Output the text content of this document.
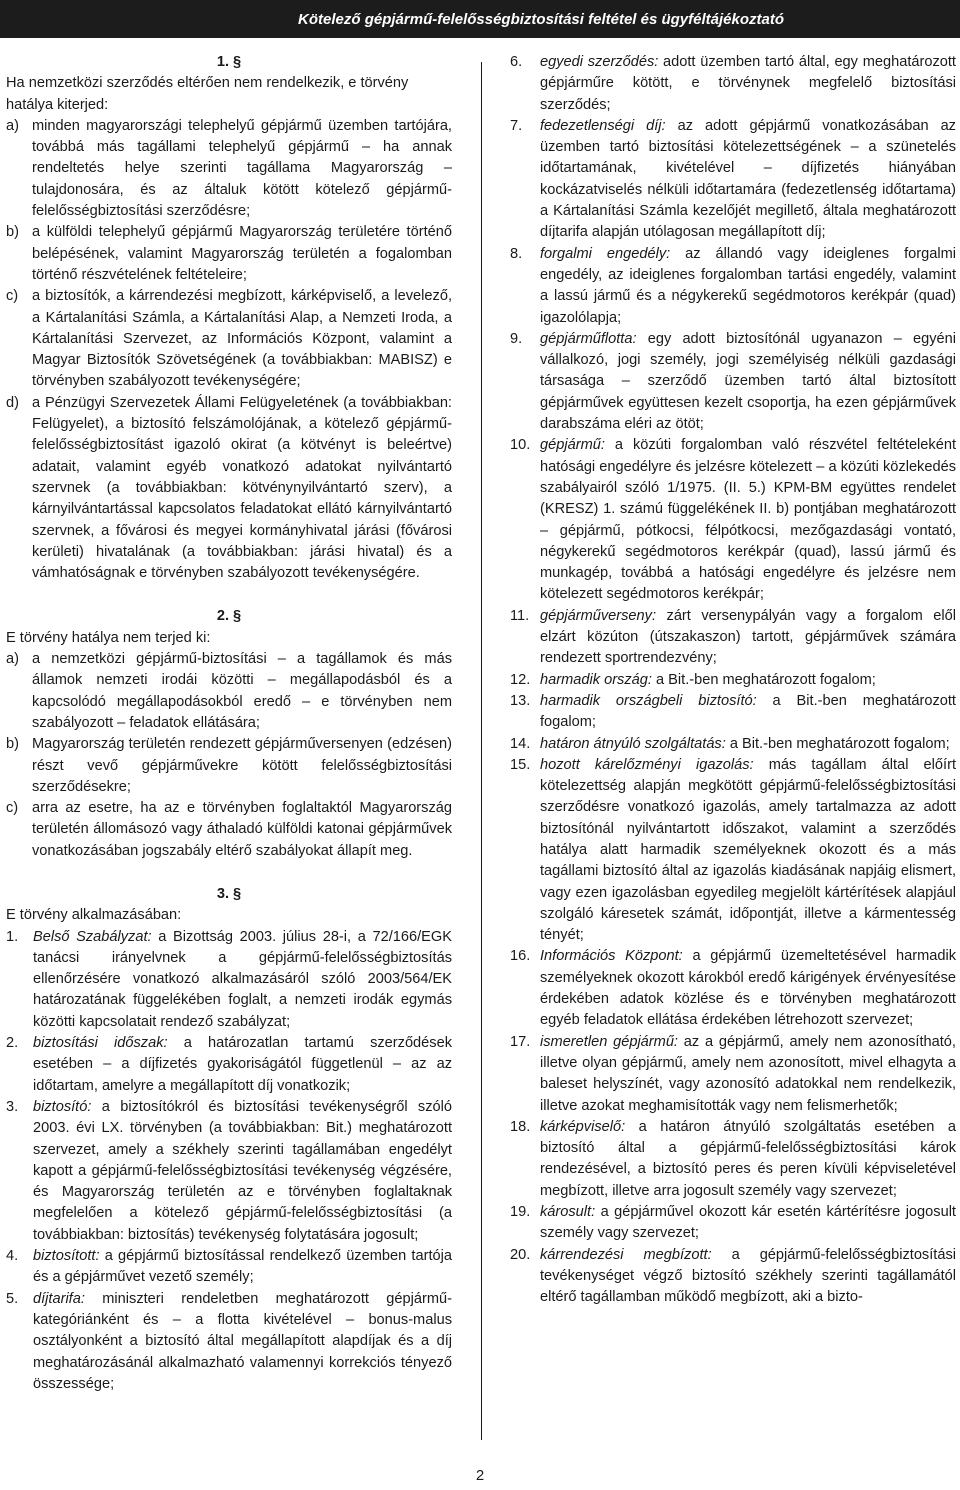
Kötelező gépjármű-felelősségbiztosítási feltétel és ügyféltájékoztató

1. §

Ha nemzetközi szerződés eltérően nem rendelkezik, e törvény hatálya kiterjed:

a) minden magyarországi telephelyű gépjármű üzemben tartójára, továbbá más tagállami telephelyű gépjármű – ha annak rendeltetés helye szerinti tagállama Magyarország – tulajdonosára, és az általuk kötött kötelező gépjármű-felelősségbiztosítási szerződésre;
b) a külföldi telephelyű gépjármű Magyarország területére történő belépésének, valamint Magyarország területén a fogalomban történő részvételének feltételeire;
c) a biztosítók, a kárrendezési megbízott, kárképviselő, a levelező, a Kártalanítási Számla, a Kártalanítási Alap, a Nemzeti Iroda, a Kártalanítási Szervezet, az Információs Központ, valamint a Magyar Biztosítók Szövetségének (a továbbiakban: MABISZ) e törvényben szabályozott tevékenységére;
d) a Pénzügyi Szervezetek Állami Felügyeletének (a továbbiakban: Felügyelet), a biztosító felszámolójának, a kötelező gépjármű-felelősségbiztosítást igazoló okirat (a kötvényt is beleértve) adatait, valamint egyéb vonatkozó adatokat nyilvántartó szervnek (a továbbiakban: kötvénynyilvántartó szerv), a kárnyilvántartással kapcsolatos feladatokat ellátó kárnyilvántartó szervnek, a fővárosi és megyei kormányhivatal járási (fővárosi kerületi) hivatalának (a továbbiakban: járási hivatal) és a vámhatóságnak e törvényben szabályozott tevékenységére.

2. §

E törvény hatálya nem terjed ki:

a) a nemzetközi gépjármű-biztosítási – a tagállamok és más államok nemzeti irodái közötti – megállapodásból és a kapcsolódó megállapodásokból eredő – e törvényben nem szabályozott – feladatok ellátására;
b) Magyarország területén rendezett gépjárműversenyen (edzésen) részt vevő gépjárművekre kötött felelősségbiztosítási szerződésekre;
c) arra az esetre, ha az e törvényben foglaltaktól Magyarország területén állomásozó vagy áthaladó külföldi katonai gépjárművek vonatkozásában jogszabály eltérő szabályokat állapít meg.

3. §

E törvény alkalmazásában:

1.	Belső Szabályzat: a Bizottság 2003. július 28-i, a 72/166/EGK tanácsi irányelvnek a gépjármű-felelősségbiztosítás ellenőrzésére vonatkozó alkalmazásáról szóló 2003/564/EK határozatának függelékében foglalt, a nemzeti irodák egymás közötti kapcsolatait rendező szabályzat;
2.	biztosítási időszak: a határozatlan tartamú szerződések esetében – a díjfizetés gyakoriságától függetlenül – az az időtartam, amelyre a megállapított díj vonatkozik;
3.	biztosító: a biztosítókról és biztosítási tevékenységről szóló 2003. évi LX. törvényben (a továbbiakban: Bit.) meghatározott szervezet, amely a székhely szerinti tagállamában engedélyt kapott a gépjármű-felelősségbiztosítási tevékenység végzésére, és Magyarország területén az e törvényben foglaltaknak megfelelően a kötelező gépjármű-felelősségbiztosítási (a továbbiakban: biztosítás) tevékenység folytatására jogosult;
4.	biztosított: a gépjármű biztosítással rendelkező üzemben tartója és a gépjárművet vezető személy;
5.	díjtarifa: miniszteri rendeletben meghatározott gépjármű-kategóriánként és – a flotta kivételével – bonus-malus osztályonként a biztosító által megállapított alapdíjak és a díj meghatározásánál alkalmazható valamennyi korrekciós tényező összessége;
6.	egyedi szerződés: adott üzemben tartó által, egy meghatározott gépjárműre kötött, e törvénynek megfelelő biztosítási szerződés;
7.	fedezetlenségi díj: az adott gépjármű vonatkozásában az üzemben tartó biztosítási kötelezettségének – a szünetelés időtartamának, kivételével – díjfizetés hiányában kockázatviselés nélküli időtartamára (fedezetlenség időtartama) a Kártalanítási Számla kezelőjét megillető, általa meghatározott díjtarifa alapján utólagosan megállapított díj;
8.	forgalmi engedély: az állandó vagy ideiglenes forgalmi engedély, az ideiglenes forgalomban tartási engedély, valamint a lassú jármű és a négykerekű segédmotoros kerékpár (quad) igazolólapja;
9.	gépjárműflotta: egy adott biztosítónál ugyanazon – egyéni vállalkozó, jogi személy, jogi személyiség nélküli gazdasági társasága – szerződő üzemben tartó által biztosított gépjárművek együttesen kezelt csoportja, ha ezen gépjárművek darabszáma eléri az ötöt;
10. gépjármű: a közúti forgalomban való részvétel feltételeként hatósági engedélyre és jelzésre kötelezett – a közúti közlekedés szabályairól szóló 1/1975. (II. 5.) KPM-BM együttes rendelet (KRESZ) 1. számú függelékének II. b) pontjában meghatározott – gépjármű, pótkocsi, félpótkocsi, mezőgazdasági vontató, négykerekű segédmotoros kerékpár (quad), lassú jármű és munkagép, továbbá a hatósági engedélyre és jelzésre nem kötelezett segédmotoros kerékpár;
11. gépjárműverseny: zárt versenypályán vagy a forgalom elől elzárt közúton (útszakaszon) tartott, gépjárművek számára rendezett sportrendezvény;
12. harmadik ország: a Bit.-ben meghatározott fogalom;
13. harmadik országbeli biztosító: a Bit.-ben meghatározott fogalom;
14. határon átnyúló szolgáltatás: a Bit.-ben meghatározott fogalom;
15. hozott kárelőzményi igazolás: más tagállam által előírt kötelezettség alapján megkötött gépjármű-felelősségbiztosítási szerződésre vonatkozó igazolás, amely tartalmazza az adott biztosítónál nyilvántartott időszakot, valamint a szerződés hatálya alatt harmadik személyeknek okozott és a más tagállami biztosító által az igazolás kiadásának napjáig elismert, vagy ezen igazolásban egyedileg megjelölt kártérítések alapjául szolgáló káresetek számát, időpontját, illetve a kármentesség tényét;
16. Információs Központ: a gépjármű üzemeltetésével harmadik személyeknek okozott károkból eredő kárigények érvényesítése érdekében adatok közlése és e törvényben meghatározott egyéb feladatok ellátása érdekében létrehozott szervezet;
17. ismeretlen gépjármű: az a gépjármű, amely nem azonosítható, illetve olyan gépjármű, amely nem azonosított, mivel elhagyta a baleset helyszínét, vagy azonosító adatokkal nem rendelkezik, illetve azokat meghamisították vagy nem felismerhetők;
18. kárképviselő: a határon átnyúló szolgáltatás esetében a biztosító által a gépjármű-felelősségbiztosítási károk rendezésével, a biztosító peres és peren kívüli képviseletével megbízott, illetve arra jogosult személy vagy szervezet;
19. károsult: a gépjárművel okozott kár esetén kártérítésre jogosult személy vagy szervezet;
20. kárrendezési megbízott: a gépjármű-felelősségbiztosítási tevékenységet végző biztosító székhely szerinti tagállamától eltérő tagállamban működő megbízott, aki a bizto-
2
